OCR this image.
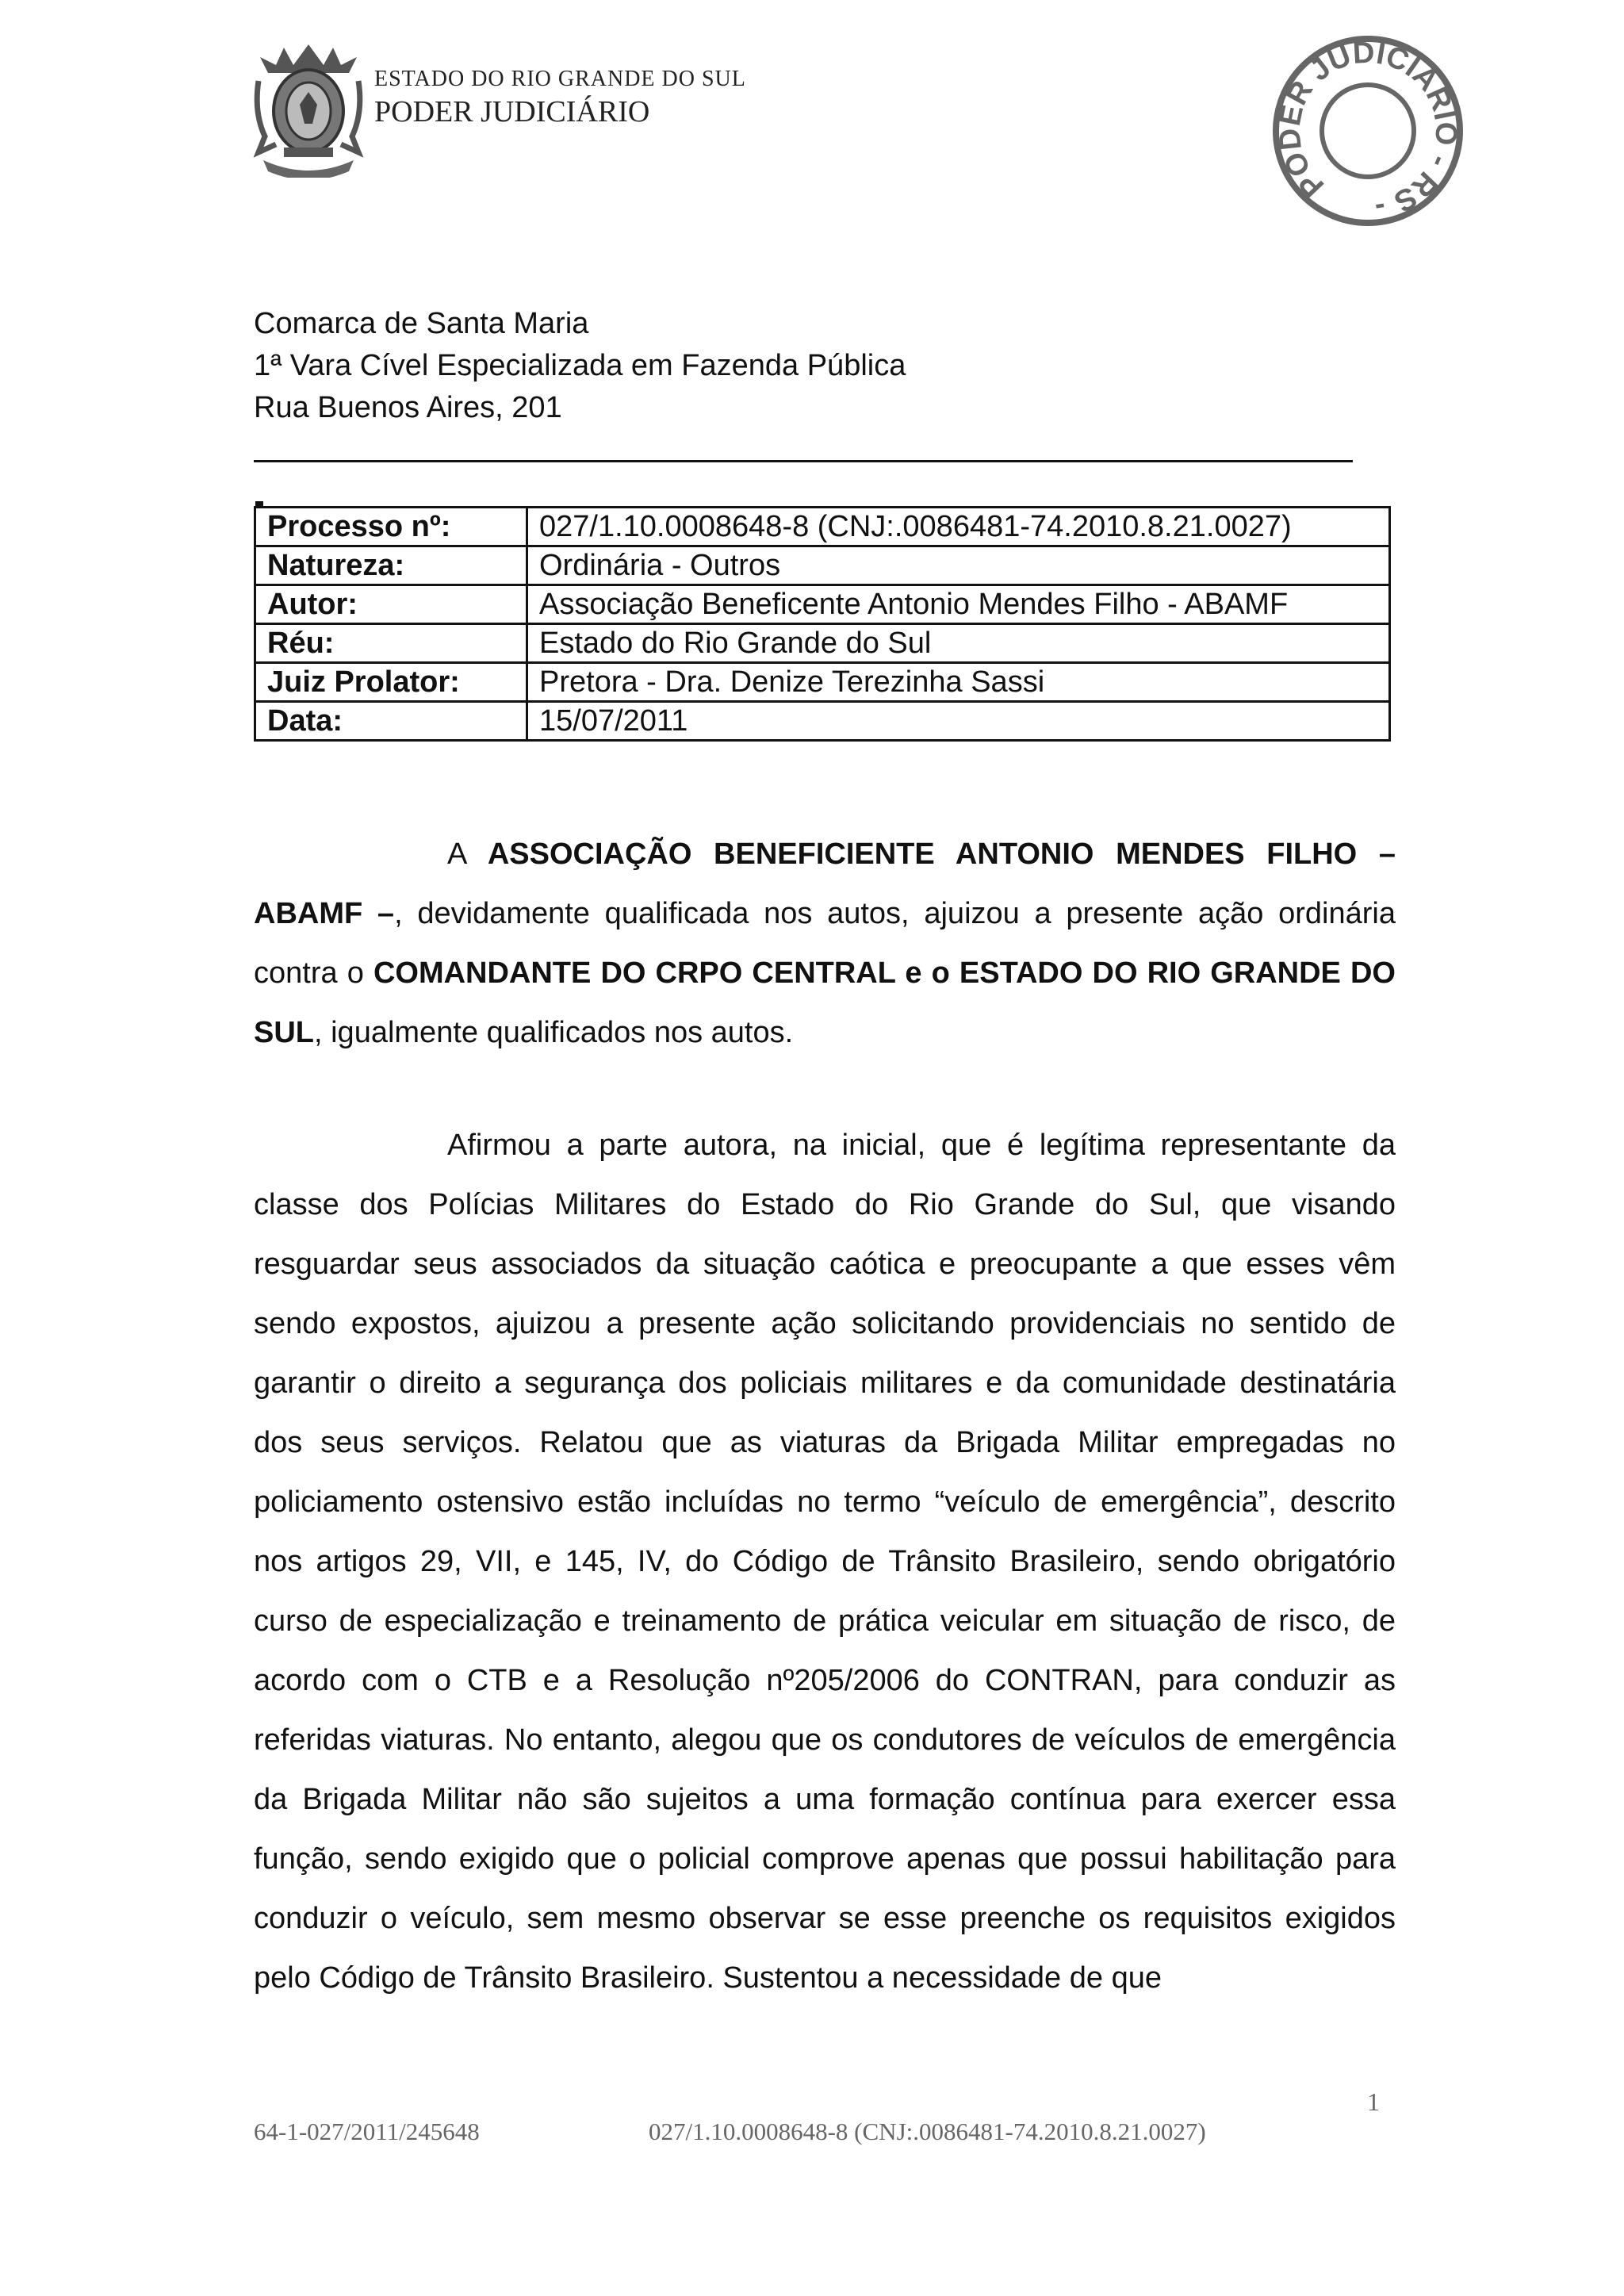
ESTADO DO RIO GRANDE DO SUL
PODER JUDICIÁRIO
PODER JUDICIÁRIO - RS -
Comarca de Santa Maria
1ª Vara Cível Especializada em Fazenda Pública
Rua Buenos Aires, 201
Processo nº:	027/1.10.0008648-8 (CNJ:.0086481-74.2010.8.21.0027)
Natureza:	Ordinária - Outros
Autor:	Associação Beneficente Antonio Mendes Filho - ABAMF
Réu:	Estado do Rio Grande do Sul
Juiz Prolator:	Pretora - Dra. Denize Terezinha Sassi
Data:	15/07/2011

A ASSOCIAÇÃO BENEFICIENTE ANTONIO MENDES FILHO – ABAMF –, devidamente qualificada nos autos, ajuizou a presente ação ordinária contra o COMANDANTE DO CRPO CENTRAL e o ESTADO DO RIO GRANDE DO SUL, igualmente qualificados nos autos.

Afirmou a parte autora, na inicial, que é legítima representante da classe dos Polícias Militares do Estado do Rio Grande do Sul, que visando resguardar seus associados da situação caótica e preocupante a que esses vêm sendo expostos, ajuizou a presente ação solicitando providenciais no sentido de garantir o direito a segurança dos policiais militares e da comunidade destinatária dos seus serviços. Relatou que as viaturas da Brigada Militar empregadas no policiamento ostensivo estão incluídas no termo “veículo de emergência”, descrito nos artigos 29, VII, e 145, IV, do Código de Trânsito Brasileiro, sendo obrigatório curso de especialização e treinamento de prática veicular em situação de risco, de acordo com o CTB e a Resolução nº205/2006 do CONTRAN, para conduzir as referidas viaturas. No entanto, alegou que os condutores de veículos de emergência da Brigada Militar não são sujeitos a uma formação contínua para exercer essa função, sendo exigido que o policial comprove apenas que possui habilitação para conduzir o veículo, sem mesmo observar se esse preenche os requisitos exigidos pelo Código de Trânsito Brasileiro. Sustentou a necessidade de que

1
64-1-027/2011/245648	027/1.10.0008648-8 (CNJ:.0086481-74.2010.8.21.0027)
